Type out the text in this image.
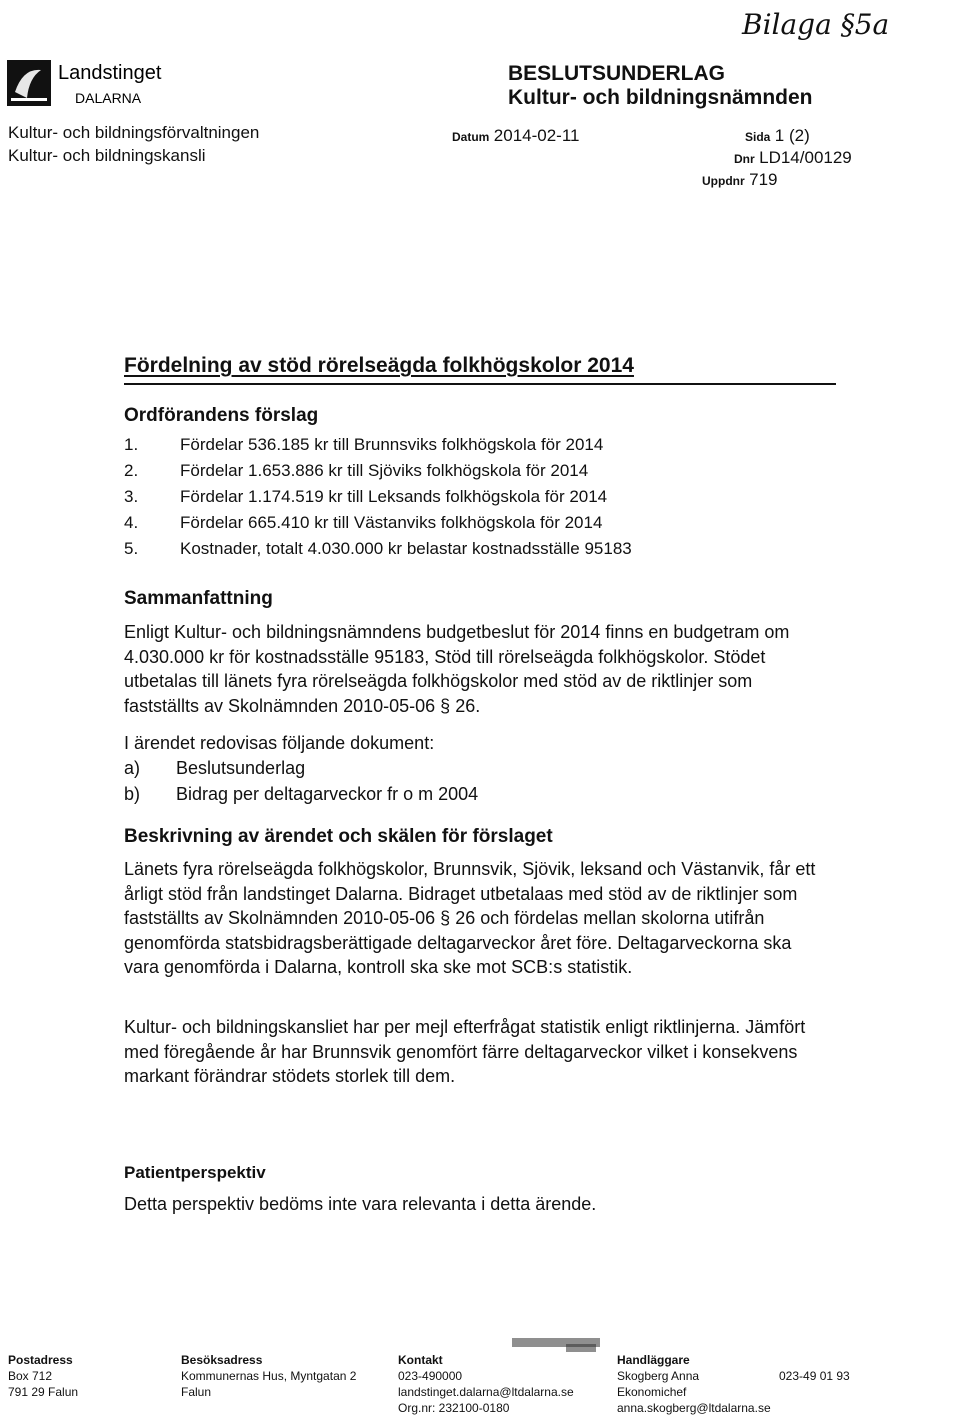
Landstinget
DALARNA
Bilaga §5a
Kultur- och bildningsförvaltningen
Kultur- och bildningskansli
BESLUTSUNDERLAG
Kultur- och bildningsnämnden
Datum 2014-02-11	Sida 1 (2)
Dnr LD14/00129
Uppdnr 719
Fördelning av stöd rörelseägda folkhögskolor 2014
Ordförandens förslag
1. Fördelar 536.185 kr till Brunnsviks folkhögskola för 2014
2. Fördelar 1.653.886 kr till Sjöviks folkhögskola för 2014
3. Fördelar 1.174.519 kr till Leksands folkhögskola för 2014
4. Fördelar 665.410 kr till Västanviks folkhögskola för 2014
5. Kostnader, totalt 4.030.000 kr belastar kostnadsställe 95183
Sammanfattning
Enligt Kultur- och bildningsnämndens budgetbeslut för 2014 finns en budgetram om 4.030.000 kr för kostnadsställe 95183, Stöd till rörelseägda folkhögskolor. Stödet utbetalas till länets fyra rörelseägda folkhögskolor med stöd av de riktlinjer som fastställts av Skolnämnden 2010-05-06 § 26.
I ärendet redovisas följande dokument:
a) Beslutsunderlag
b) Bidrag per deltagarveckor fr o m 2004
Beskrivning av ärendet och skälen för förslaget
Länets fyra rörelseägda folkhögskolor, Brunnsvik, Sjövik, leksand och Västanvik, får ett årligt stöd från landstinget Dalarna. Bidraget utbetalaas med stöd av de riktlinjer som fastställts av Skolnämnden 2010-05-06 § 26 och fördelas mellan skolorna utifrån genomförda statsbidragsberättigade deltagarveckor året före. Deltagarveckorna ska vara genomförda i Dalarna, kontroll ska ske mot SCB:s statistik.
Kultur- och bildningskansliet har per mejl efterfrågat statistik enligt riktlinjerna. Jämfört med föregående år har Brunnsvik genomfört färre deltagarveckor vilket i konsekvens markant förändrar stödets storlek till dem.
Patientperspektiv
Detta perspektiv bedöms inte vara relevanta i detta ärende.
Postadress
Box 712
791 29 Falun
Besöksadress
Kommunernas Hus, Myntgatan 2
Falun
Kontakt
023-490000
landstinget.dalarna@ltdalarna.se
Org.nr: 232100-0180
Handläggare
Skogberg Anna
Ekonomichef
anna.skogberg@ltdalarna.se
023-49 01 93
